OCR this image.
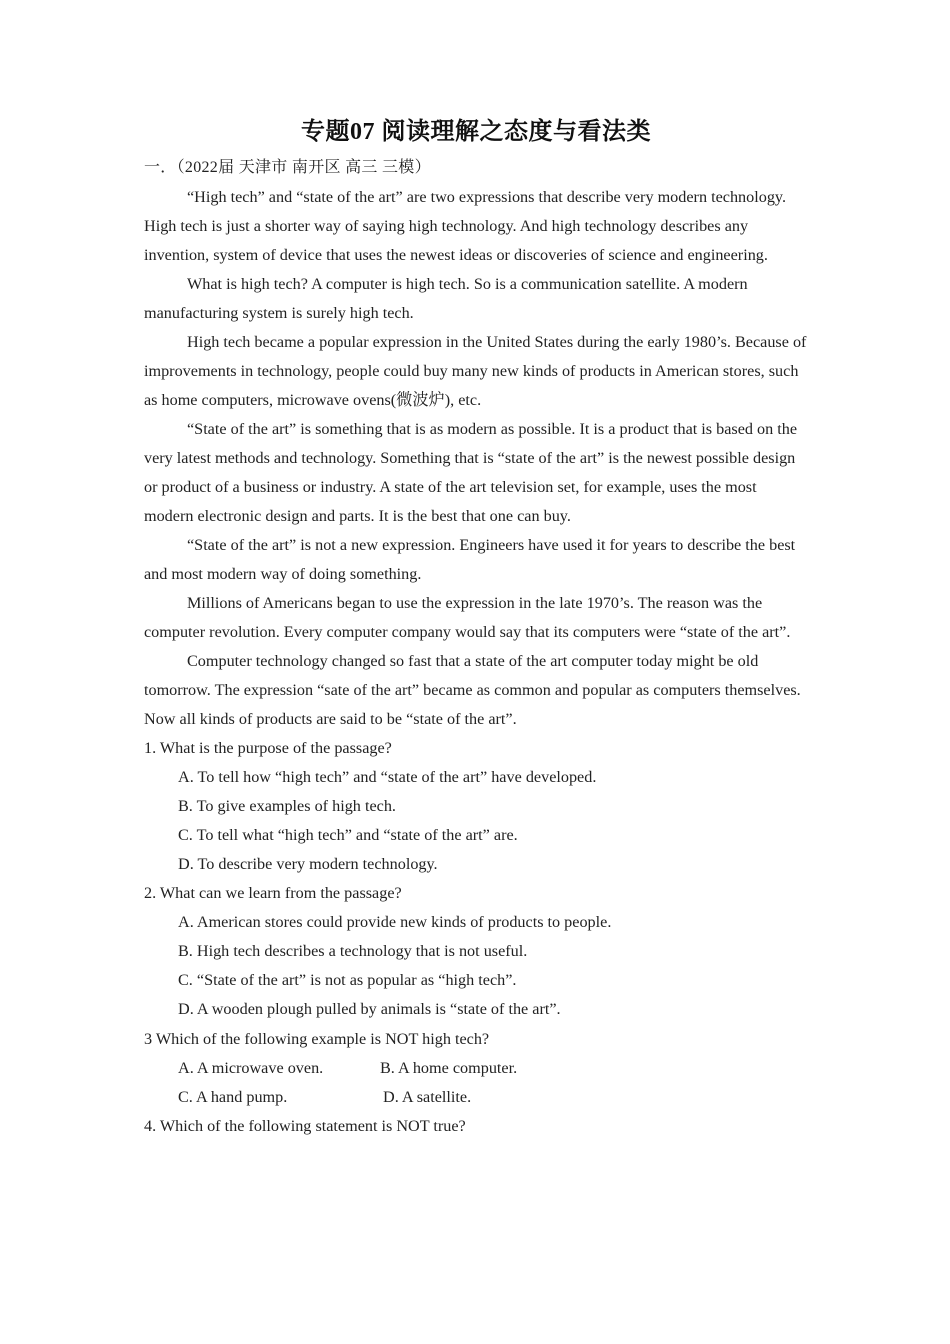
专题07 阅读理解之态度与看法类

一．（2022届 天津市 南开区 高三 三模）

“High tech” and “state of the art” are two expressions that describe very modern technology. High tech is just a shorter way of saying high technology. And high technology describes any invention, system of device that uses the newest ideas or discoveries of science and engineering.

What is high tech? A computer is high tech. So is a communication satellite. A modern manufacturing system is surely high tech.

High tech became a popular expression in the United States during the early 1980’s. Because of improvements in technology, people could buy many new kinds of products in American stores, such as home computers, microwave ovens(微波炉), etc.

“State of the art” is something that is as modern as possible. It is a product that is based on the very latest methods and technology. Something that is “state of the art” is the newest possible design or product of a business or industry. A state of the art television set, for example, uses the most modern electronic design and parts. It is the best that one can buy.

“State of the art” is not a new expression. Engineers have used it for years to describe the best and most modern way of doing something.

Millions of Americans began to use the expression in the late 1970’s. The reason was the computer revolution. Every computer company would say that its computers were “state of the art”.

Computer technology changed so fast that a state of the art computer today might be old tomorrow. The expression “sate of the art” became as common and popular as computers themselves. Now all kinds of products are said to be “state of the art”.

1. What is the purpose of the passage?

A. To tell how “high tech” and “state of the art” have developed.

B. To give examples of high tech.

C. To tell what “high tech” and “state of the art” are.

D. To describe very modern technology.

2. What can we learn from the passage?

A. American stores could provide new kinds of products to people.

B. High tech describes a technology that is not useful.

C. “State of the art” is not as popular as “high tech”.

D. A wooden plough pulled by animals is “state of the art”.

3 Which of the following example is NOT high tech?

A. A microwave oven.	B. A home computer.
C. A hand pump.	D. A satellite.

4. Which of the following statement is NOT true?
